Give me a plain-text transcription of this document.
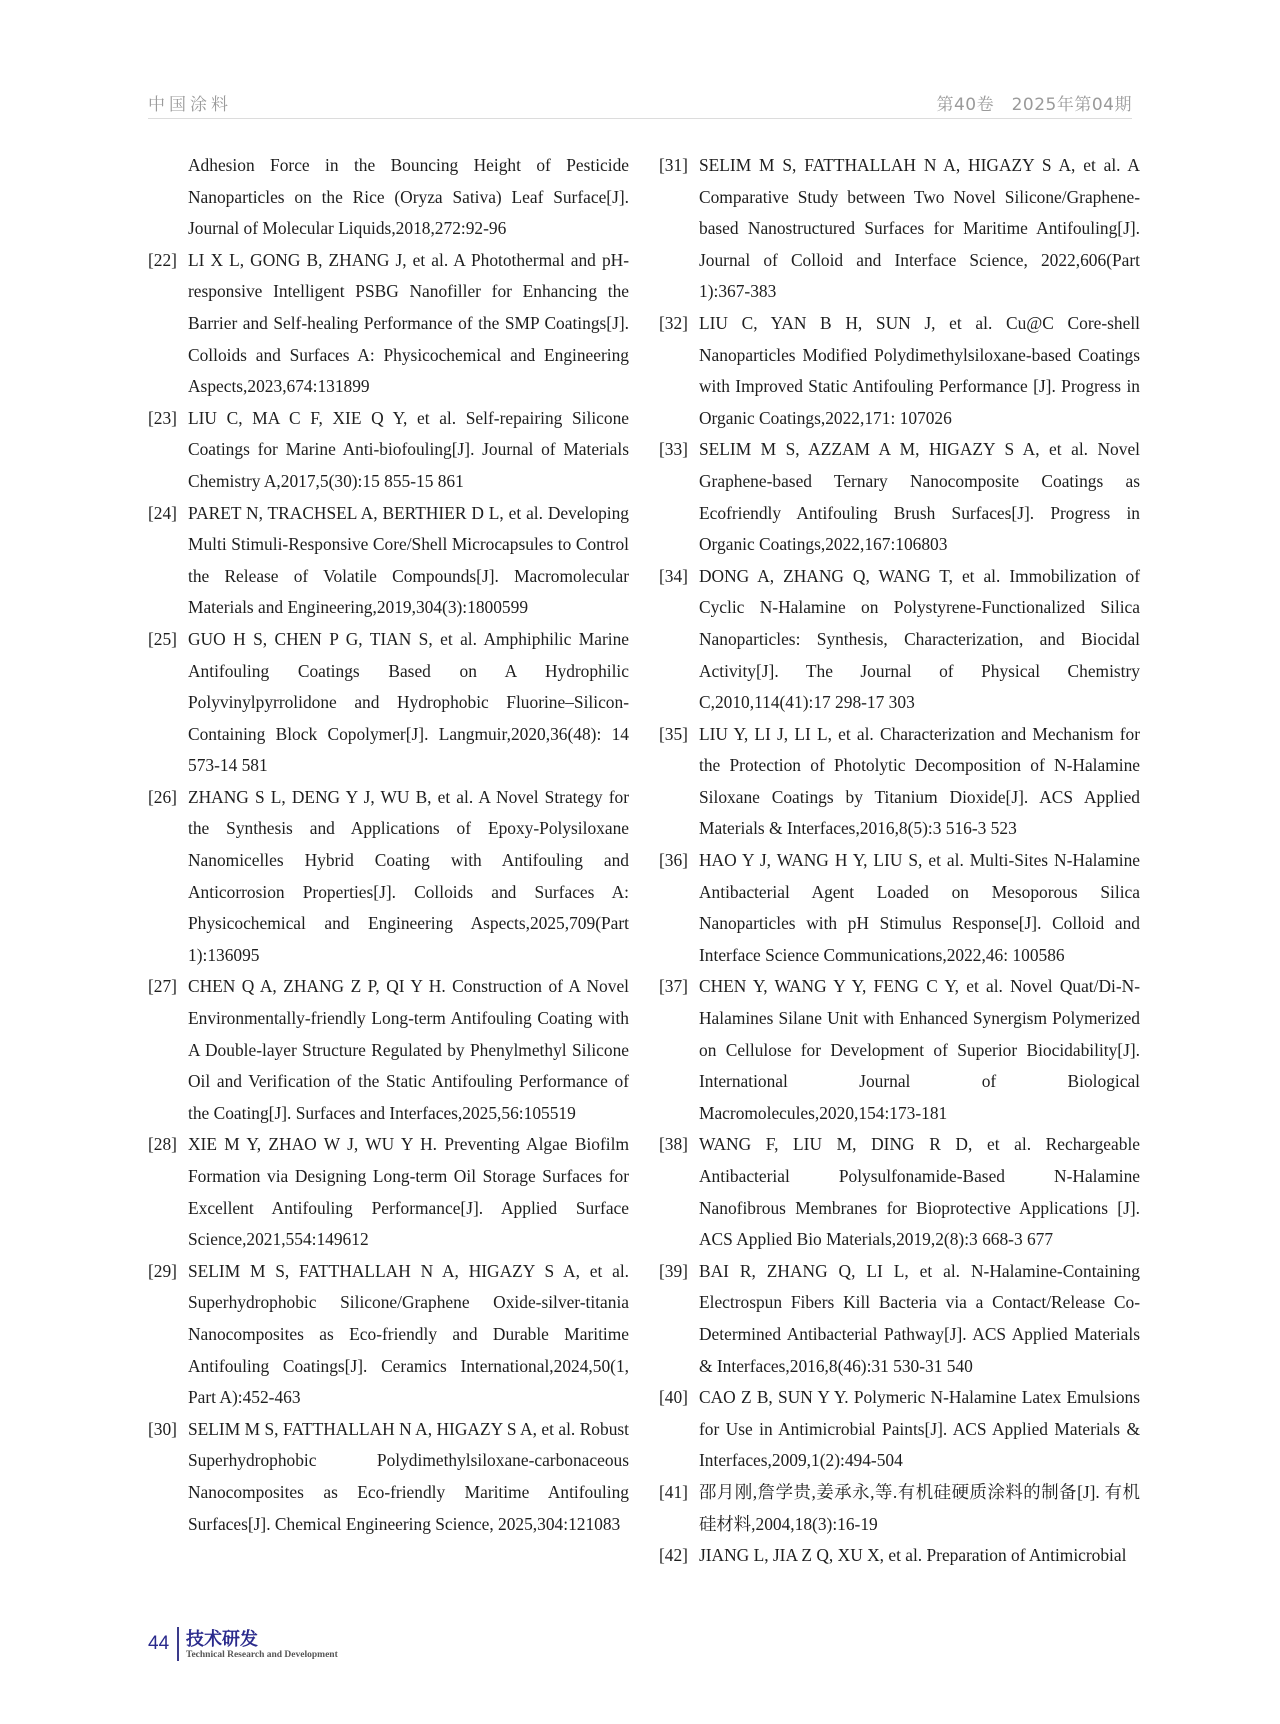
中国涂料	第40卷　2025年第04期
Adhesion Force in the Bouncing Height of Pesticide Nanoparticles on the Rice (Oryza Sativa) Leaf Surface[J]. Journal of Molecular Liquids,2018,272:92-96
[22] LI X L, GONG B, ZHANG J, et al. A Photothermal and pH-responsive Intelligent PSBG Nanofiller for Enhancing the Barrier and Self-healing Performance of the SMP Coatings[J]. Colloids and Surfaces A: Physicochemical and Engineering Aspects,2023,674:131899
[23] LIU C, MA C F, XIE Q Y, et al. Self-repairing Silicone Coatings for Marine Anti-biofouling[J]. Journal of Materials Chemistry A,2017,5(30):15 855-15 861
[24] PARET N, TRACHSEL A, BERTHIER D L, et al. Developing Multi Stimuli-Responsive Core/Shell Microcapsules to Control the Release of Volatile Compounds[J]. Macromolecular Materials and Engineering,2019,304(3):1800599
[25] GUO H S, CHEN P G, TIAN S, et al. Amphiphilic Marine Antifouling Coatings Based on A Hydrophilic Polyvinylpyrrolidone and Hydrophobic Fluorine–Silicon-Containing Block Copolymer[J]. Langmuir,2020,36(48): 14 573-14 581
[26] ZHANG S L, DENG Y J, WU B, et al. A Novel Strategy for the Synthesis and Applications of Epoxy-Polysiloxane Nanomicelles Hybrid Coating with Antifouling and Anticorrosion Properties[J]. Colloids and Surfaces A: Physicochemical and Engineering Aspects,2025,709(Part 1):136095
[27] CHEN Q A, ZHANG Z P, QI Y H. Construction of A Novel Environmentally-friendly Long-term Antifouling Coating with A Double-layer Structure Regulated by Phenylmethyl Silicone Oil and Verification of the Static Antifouling Performance of the Coating[J]. Surfaces and Interfaces,2025,56:105519
[28] XIE M Y, ZHAO W J, WU Y H. Preventing Algae Biofilm Formation via Designing Long-term Oil Storage Surfaces for Excellent Antifouling Performance[J]. Applied Surface Science,2021,554:149612
[29] SELIM M S, FATTHALLAH N A, HIGAZY S A, et al. Superhydrophobic Silicone/Graphene Oxide-silver-titania Nanocomposites as Eco-friendly and Durable Maritime Antifouling Coatings[J]. Ceramics International,2024,50(1, Part A):452-463
[30] SELIM M S, FATTHALLAH N A, HIGAZY S A, et al. Robust Superhydrophobic Polydimethylsiloxane-carbonaceous Nanocomposites as Eco-friendly Maritime Antifouling Surfaces[J]. Chemical Engineering Science, 2025,304:121083
[31] SELIM M S, FATTHALLAH N A, HIGAZY S A, et al. A Comparative Study between Two Novel Silicone/Graphene-based Nanostructured Surfaces for Maritime Antifouling[J]. Journal of Colloid and Interface Science, 2022,606(Part 1):367-383
[32] LIU C, YAN B H, SUN J, et al. Cu@C Core-shell Nanoparticles Modified Polydimethylsiloxane-based Coatings with Improved Static Antifouling Performance [J]. Progress in Organic Coatings,2022,171: 107026
[33] SELIM M S, AZZAM A M, HIGAZY S A, et al. Novel Graphene-based Ternary Nanocomposite Coatings as Ecofriendly Antifouling Brush Surfaces[J]. Progress in Organic Coatings,2022,167:106803
[34] DONG A, ZHANG Q, WANG T, et al. Immobilization of Cyclic N-Halamine on Polystyrene-Functionalized Silica Nanoparticles: Synthesis, Characterization, and Biocidal Activity[J]. The Journal of Physical Chemistry C,2010,114(41):17 298-17 303
[35] LIU Y, LI J, LI L, et al. Characterization and Mechanism for the Protection of Photolytic Decomposition of N-Halamine Siloxane Coatings by Titanium Dioxide[J]. ACS Applied Materials & Interfaces,2016,8(5):3 516-3 523
[36] HAO Y J, WANG H Y, LIU S, et al. Multi-Sites N-Halamine Antibacterial Agent Loaded on Mesoporous Silica Nanoparticles with pH Stimulus Response[J]. Colloid and Interface Science Communications,2022,46: 100586
[37] CHEN Y, WANG Y Y, FENG C Y, et al. Novel Quat/Di-N-Halamines Silane Unit with Enhanced Synergism Polymerized on Cellulose for Development of Superior Biocidability[J]. International Journal of Biological Macromolecules,2020,154:173-181
[38] WANG F, LIU M, DING R D, et al. Rechargeable Antibacterial Polysulfonamide-Based N-Halamine Nanofibrous Membranes for Bioprotective Applications [J]. ACS Applied Bio Materials,2019,2(8):3 668-3 677
[39] BAI R, ZHANG Q, LI L, et al. N-Halamine-Containing Electrospun Fibers Kill Bacteria via a Contact/Release Co-Determined Antibacterial Pathway[J]. ACS Applied Materials & Interfaces,2016,8(46):31 530-31 540
[40] CAO Z B, SUN Y Y. Polymeric N-Halamine Latex Emulsions for Use in Antimicrobial Paints[J]. ACS Applied Materials & Interfaces,2009,1(2):494-504
[41] 邵月刚,詹学贵,姜承永,等.有机硅硬质涂料的制备[J]. 有机硅材料,2004,18(3):16-19
[42] JIANG L, JIA Z Q, XU X, et al. Preparation of Antimicrobial
44 技术研发
Technical Research and Development
